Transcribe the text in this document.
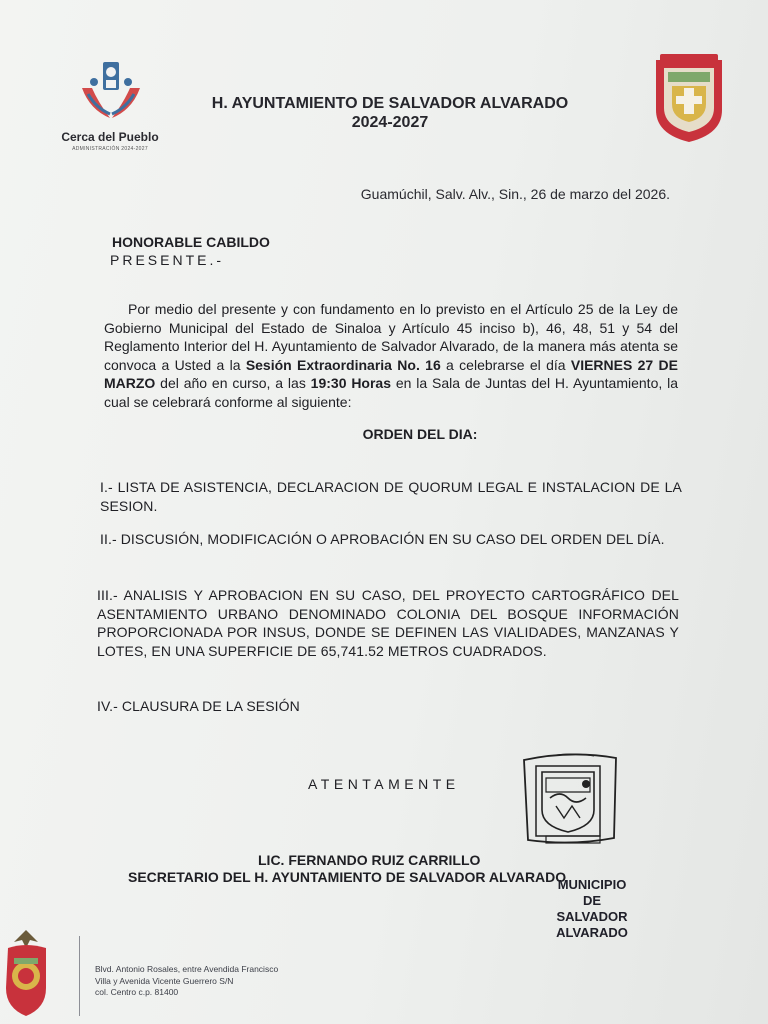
Cerca del Pueblo
ADMINISTRACIÓN 2024-2027
H. AYUNTAMIENTO DE SALVADOR ALVARADO
2024-2027
Guamúchil, Salv. Alv., Sin., 26 de marzo del 2026.
HONORABLE CABILDO
PRESENTE.-
Por medio del presente y con fundamento en lo previsto en el Artículo 25 de la Ley de Gobierno Municipal del Estado de Sinaloa y Artículo 45 inciso b), 46, 48, 51 y 54 del Reglamento Interior del H. Ayuntamiento de Salvador Alvarado, de la manera más atenta se convoca a Usted a la Sesión Extraordinaria No. 16 a celebrarse el día VIERNES 27 DE MARZO del año en curso, a las 19:30 Horas en la Sala de Juntas del H. Ayuntamiento, la cual se celebrará conforme al siguiente:
ORDEN DEL DIA:
I.- LISTA DE ASISTENCIA, DECLARACION DE QUORUM LEGAL E INSTALACION DE LA SESION.
II.- DISCUSIÓN, MODIFICACIÓN O APROBACIÓN EN SU CASO DEL ORDEN DEL DÍA.
III.- ANALISIS Y APROBACION EN SU CASO, DEL PROYECTO CARTOGRÁFICO DEL ASENTAMIENTO URBANO DENOMINADO COLONIA DEL BOSQUE INFORMACIÓN PROPORCIONADA POR INSUS, DONDE SE DEFINEN LAS VIALIDADES, MANZANAS Y LOTES, EN UNA SUPERFICIE DE 65,741.52 METROS CUADRADOS.
IV.- CLAUSURA DE LA SESIÓN
ATENTAMENTE
LIC. FERNANDO RUIZ CARRILLO
SECRETARIO DEL H. AYUNTAMIENTO DE SALVADOR ALVARADO
MUNICIPIO
DE
SALVADOR
ALVARADO
Blvd. Antonio Rosales, entre Avendida Francisco
Villa y Avenida Vicente Guerrero S/N
col. Centro c.p. 81400
